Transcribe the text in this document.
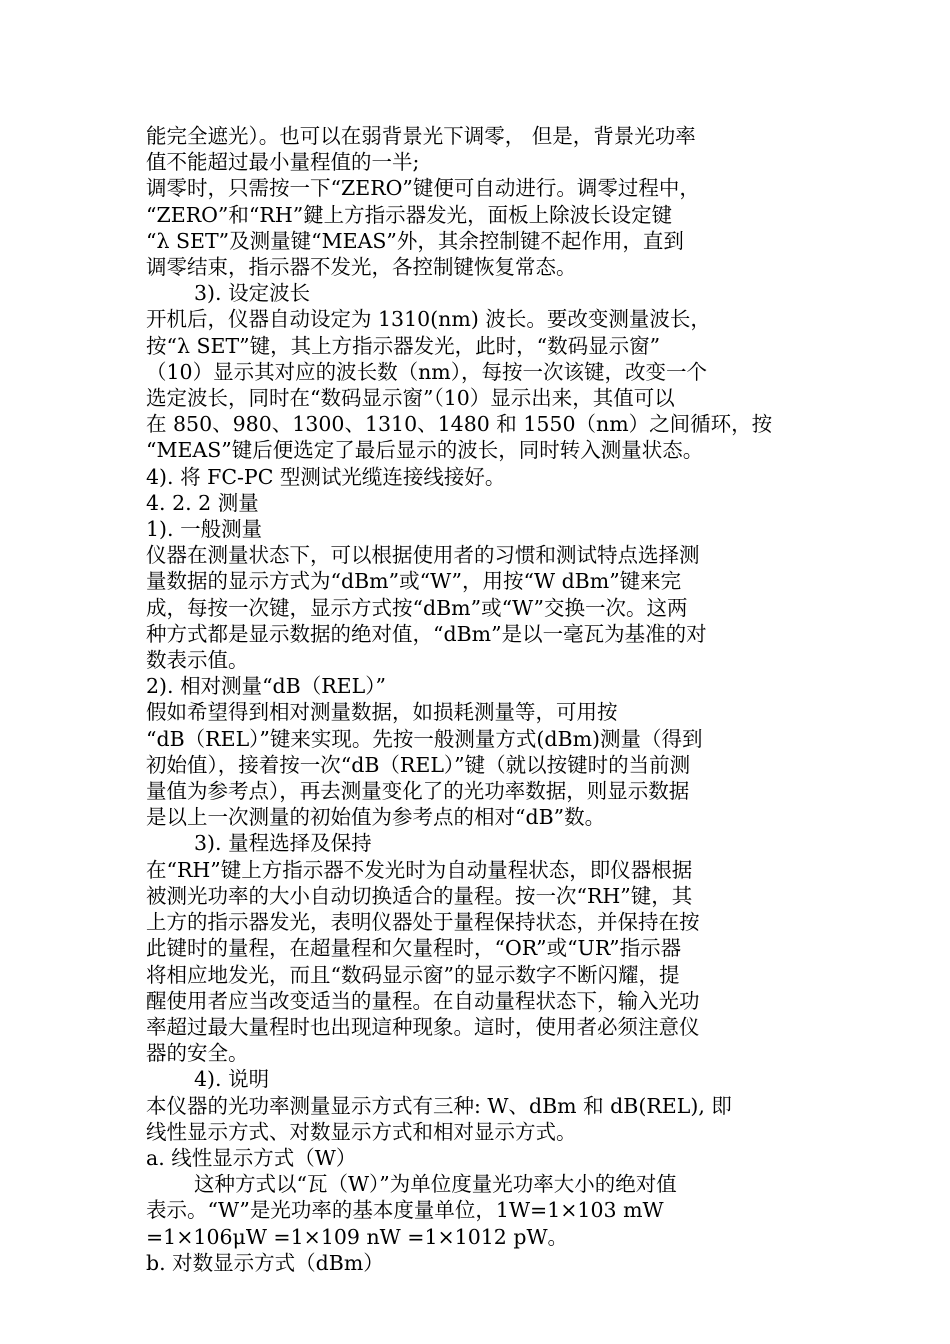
能完全遮光）。也可以在弱背景光下调零， 但是，背景光功率
值不能超过最小量程值的一半;
调零时，只需按一下“ZERO”键便可自动进行。调零过程中，
“ZERO”和“RH”鍵上方指示器发光，面板上除波长设定键
“λ SET”及测量键“MEAS”外，其余控制键不起作用，直到
调零结束，指示器不发光，各控制键恢复常态。
3). 设定波长
开机后，仪器自动设定为 1310(nm) 波长。要改变测量波长，
按“λ SET”键，其上方指示器发光，此时，“数码显示窗”
（10）显示其对应的波长数（nm），每按一次该键，改变一个
选定波长，同时在“数码显示窗”（10）显示出来，其值可以
在 850、980、1300、1310、1480 和 1550（nm）之间循环，按
“MEAS”键后便选定了最后显示的波长，同时转入测量状态。
4). 将 FC-PC 型测试光缆连接线接好。
4. 2. 2 测量
1). 一般测量
仪器在测量状态下，可以根据使用者的习惯和测试特点选择测
量数据的显示方式为“dBm”或“W”，用按“W dBm”键来完
成，每按一次键，显示方式按“dBm”或“W”交换一次。这两
种方式都是显示数据的绝对值，“dBm”是以一毫瓦为基准的对
数表示值。
2). 相对测量“dB（REL）”
假如希望得到相对测量数据，如损耗测量等，可用按
“dB（REL）”键来实现。先按一般测量方式(dBm)测量（得到
初始值），接着按一次“dB（REL）”键（就以按键时的当前测
量值为参考点），再去测量变化了的光功率数据，则显示数据
是以上一次测量的初始值为参考点的相对“dB”数。
3). 量程选择及保持
在“RH”键上方指示器不发光时为自动量程状态，即仪器根据
被测光功率的大小自动切换适合的量程。按一次“RH”键，其
上方的指示器发光，表明仪器处于量程保持状态，并保持在按
此键时的量程，在超量程和欠量程时，“OR”或“UR”指示器
将相应地发光，而且“数码显示窗”的显示数字不断闪耀，提
醒使用者应当改变适当的量程。在自动量程状态下，输入光功
率超过最大量程时也出现這种现象。這时，使用者必须注意仪
器的安全。
4). 说明
本仪器的光功率测量显示方式有三种: W、dBm 和 dB(REL), 即
线性显示方式、对数显示方式和相对显示方式。
a. 线性显示方式（W）
这种方式以“瓦（W）”为单位度量光功率大小的绝对值
表示。“W”是光功率的基本度量单位，1W=1×103 mW
=1×106μW =1×109 nW =1×1012 pW。
b. 对数显示方式（dBm）
